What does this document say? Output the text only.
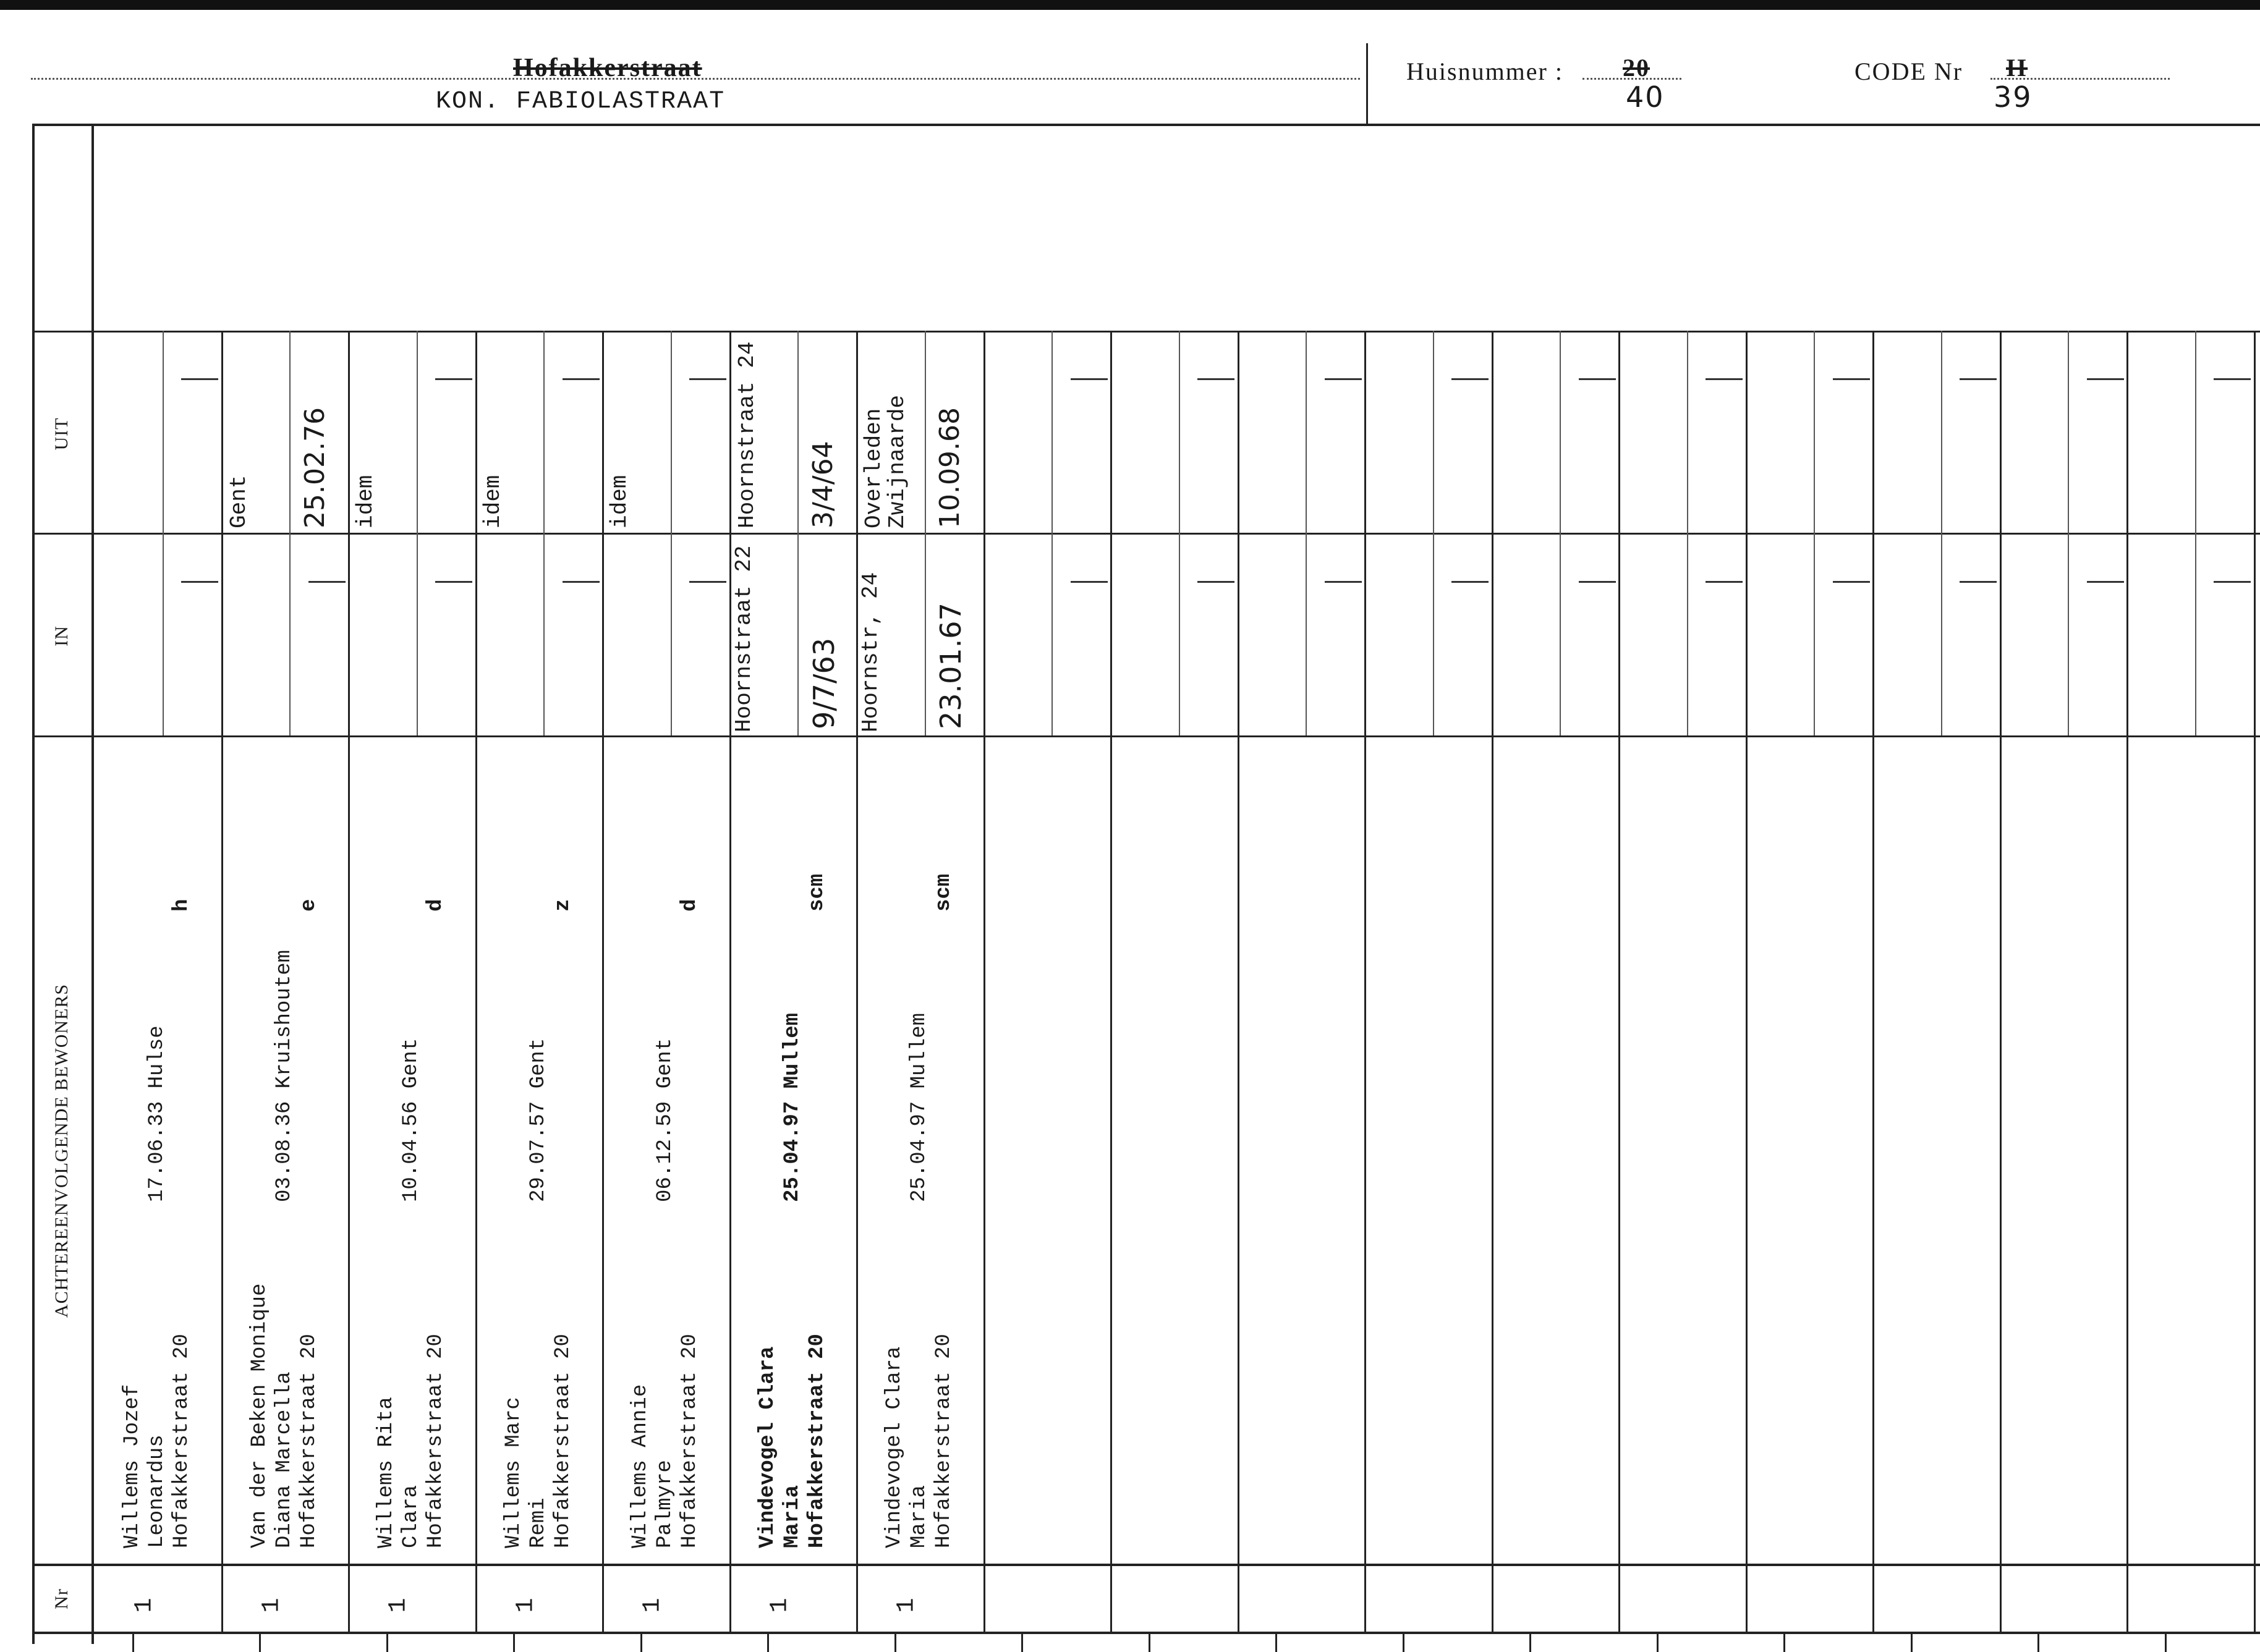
Hofakkerstraat
KON. FABIOLASTRAAT
Huisnummer : 20
40
CODE Nr II
39
UIT
IN
ACHTEREENVOLGENDE BEWONERS
Nr 1
Willems Jozef Leonardus17.06.33 Hulse
Hofakkerstraat 20h
1
Van der Beken Monique Diana Marcella03.08.36 Kruishoutem
Hofakkerstraat 20e
Gent 25.02.76
1
Willems Rita Clara10.04.56 Gent
Hofakkerstraat 20d
idem
1
Willems Marc Remi29.07.57 Gent
Hofakkerstraat 20z
idem
1
Willems Annie Palmyre06.12.59 Gent
Hofakkerstraat 20d
idem
1
Vindevogel Clara Maria25.04.97 Mullem
Hofakkerstraat 20scm
Hoornstraat 22 9/7/63
Hoornstraat 24 3/4/64
1
Vindevogel Clara Maria25.04.97 Mullem
Hofakkerstraat 20scm
Hoornstr, 24 23.01.67
Overleden Zwijnaarde 10.09.68
